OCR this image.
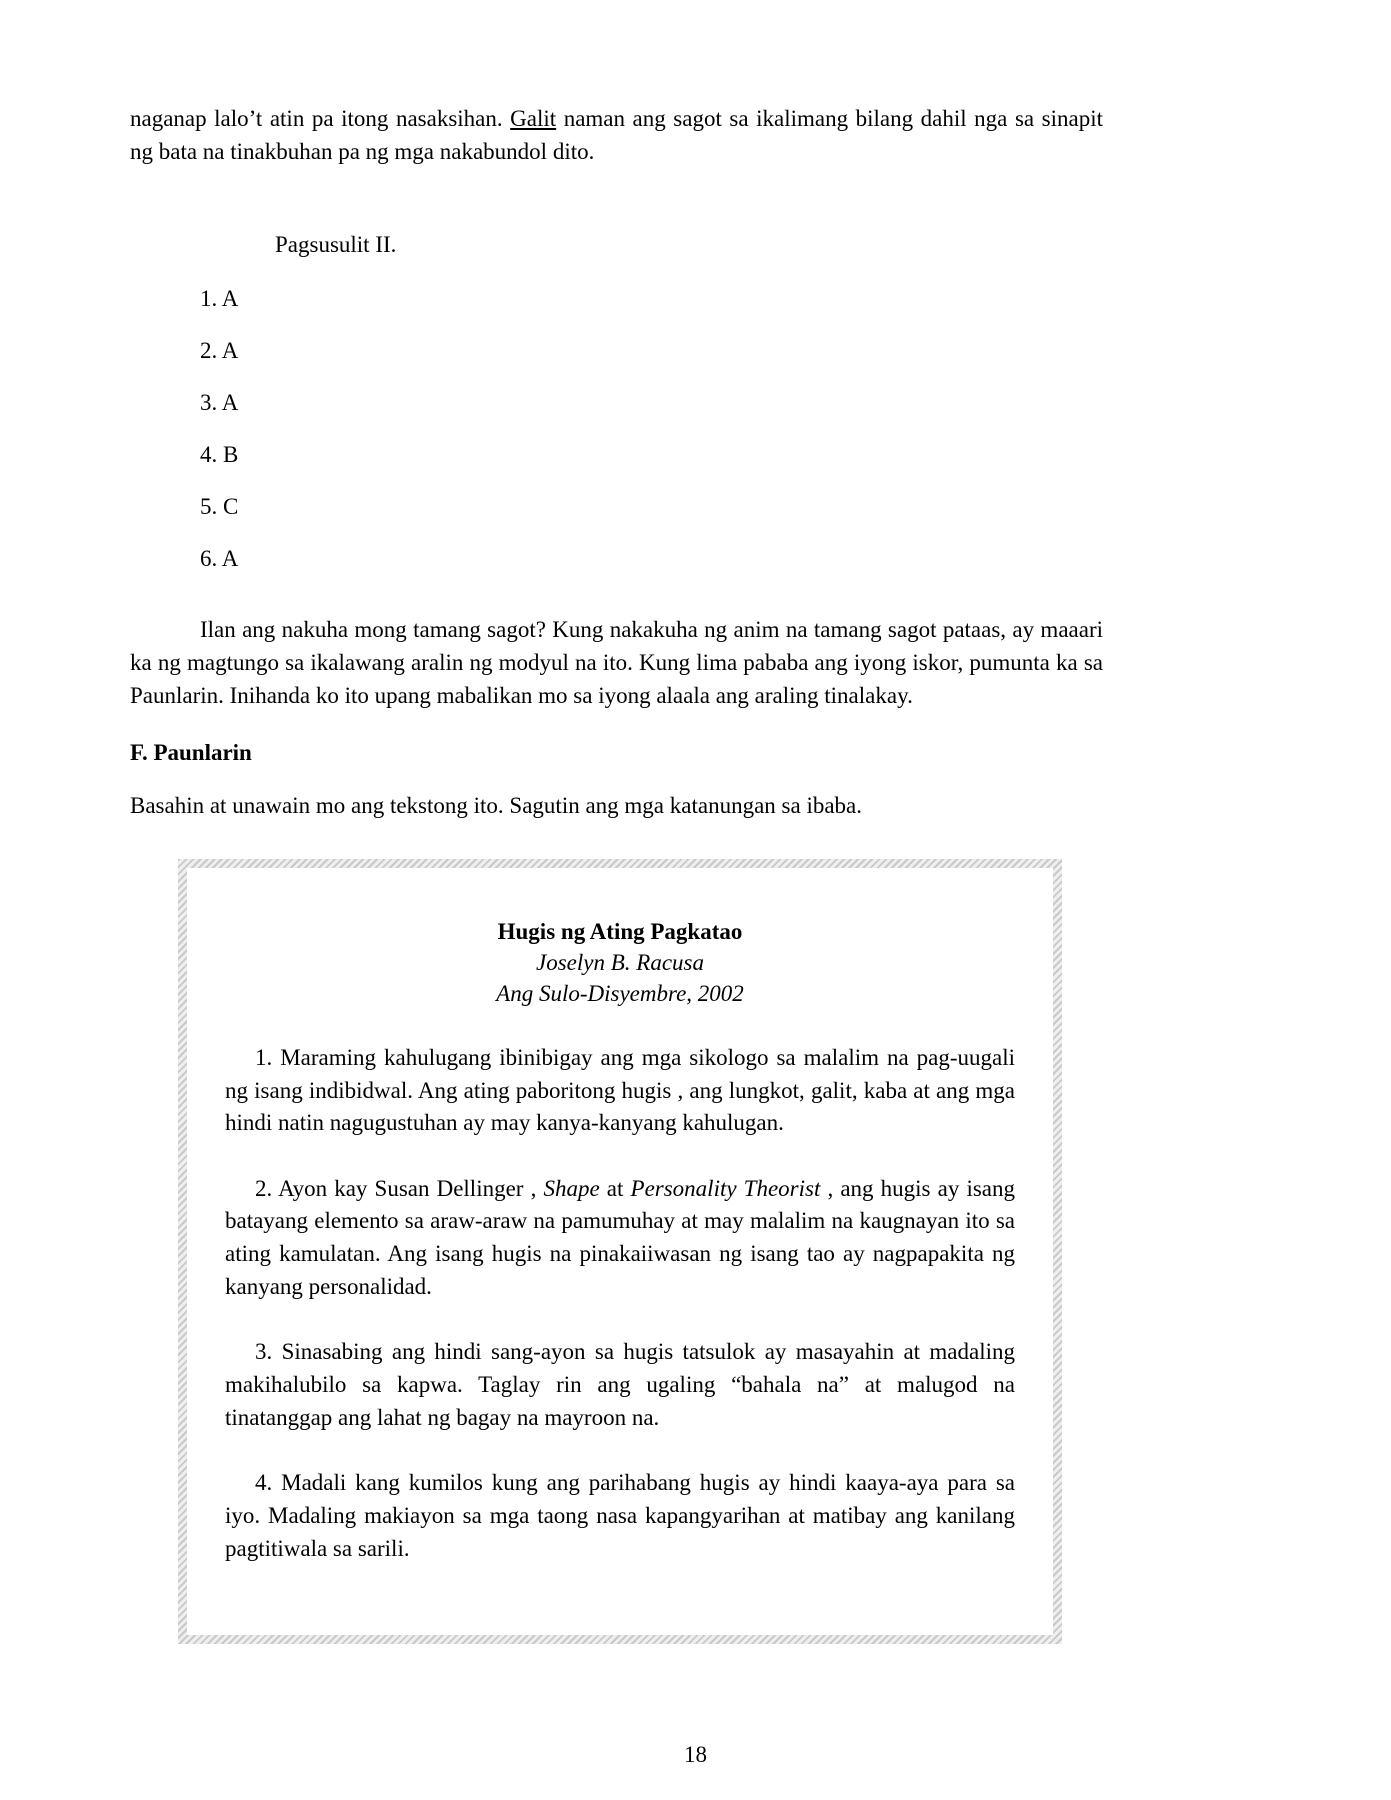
naganap lalo’t atin pa itong nasaksihan. Galit naman ang sagot sa ikalimang bilang dahil nga sa sinapit ng bata na tinakbuhan pa ng mga nakabundol dito.

Pagsusulit II.

1. A

2. A

3. A

4. B

5. C

6. A

Ilan ang nakuha mong tamang sagot? Kung nakakuha ng anim na tamang sagot pataas, ay maaari ka ng magtungo sa ikalawang aralin ng modyul na ito. Kung lima pababa ang iyong iskor, pumunta ka sa Paunlarin. Inihanda ko ito upang mabalikan mo sa iyong alaala ang araling tinalakay.

F. Paunlarin

Basahin at unawain mo ang tekstong ito. Sagutin ang mga katanungan sa ibaba.

Hugis ng Ating Pagkatao

Joselyn B. Racusa

Ang Sulo-Disyembre, 2002

1. Maraming kahulugang ibinibigay ang mga sikologo sa malalim na pag-uugali ng isang indibidwal. Ang ating paboritong hugis , ang lungkot, galit, kaba at ang mga hindi natin nagugustuhan ay may kanya-kanyang kahulugan.

2. Ayon kay Susan Dellinger , Shape at Personality Theorist , ang hugis ay isang batayang elemento sa araw-araw na pamumuhay at may malalim na kaugnayan ito sa ating kamulatan. Ang isang hugis na pinakaiiwasan ng isang tao ay nagpapakita ng kanyang personalidad.

3. Sinasabing ang hindi sang-ayon sa hugis tatsulok ay masayahin at madaling makihalubilo sa kapwa. Taglay rin ang ugaling “bahala na” at malugod na tinatanggap ang lahat ng bagay na mayroon na.

4. Madali kang kumilos kung ang parihabang hugis ay hindi kaaya-aya para sa iyo. Madaling makiayon sa mga taong nasa kapangyarihan at matibay ang kanilang pagtitiwala sa sarili.

18
